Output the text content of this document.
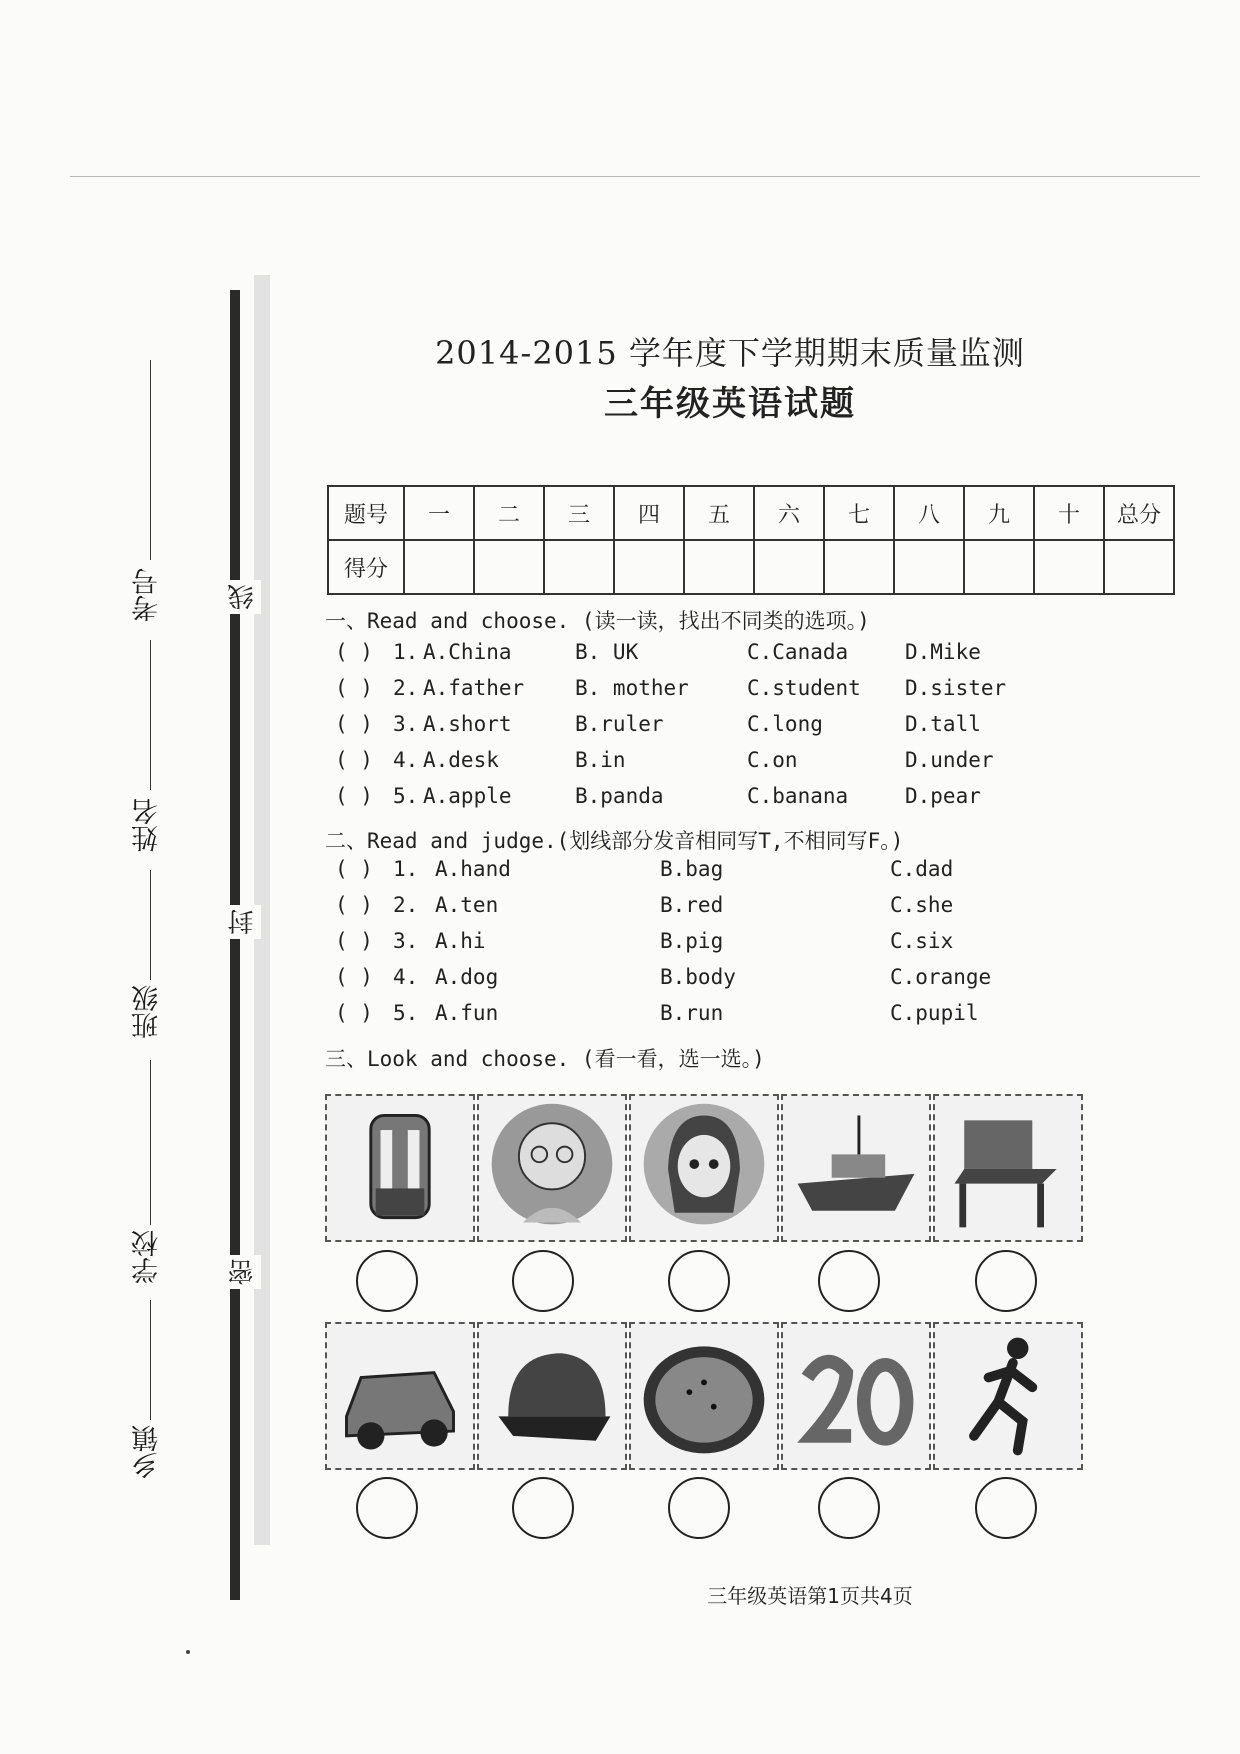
考号
姓名
班级
学校
乡镇
线
封
密
2014-2015 学年度下学期期末质量监测
三年级英语试题
题号	一	二	三	四	五	六	七	八	九	十	总分
得分											
一、Read and choose. (读一读，找出不同类的选项。)
( ) 1. A.China	B. UK	C.Canada	D.Mike
( ) 2. A.father B. mother	C.student D.sister
( ) 3. A.short	B.ruler	C.long	D.tall
( ) 4. A.desk	B.in	C.on	D.under
( ) 5. A.apple	B.panda	C.banana	D.pear
二、Read and judge.(划线部分发音相同写T,不相同写F。)
( ) 1. A.hand	B.bag	C.dad
( ) 2. A.ten	B.red	C.she
( ) 3. A.hi	B.pig	C.six
( ) 4. A.dog	B.body	C.orange
( ) 5. A.fun	B.run	C.pupil
三、Look and choose. (看一看，选一选。)
三年级英语第1页共4页
